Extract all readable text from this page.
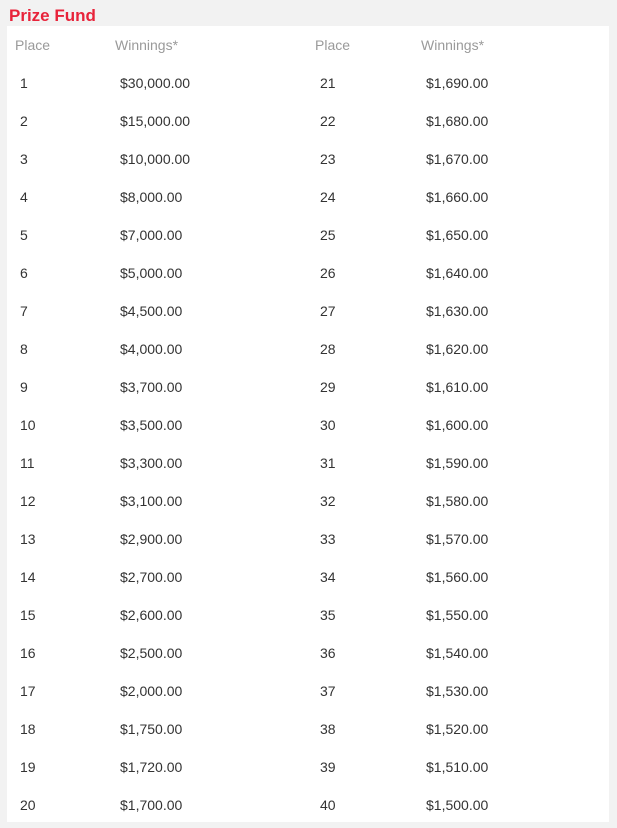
Prize Fund
Place	Winnings*
1	$30,000.00
2	$15,000.00
3	$10,000.00
4	$8,000.00
5	$7,000.00
6	$5,000.00
7	$4,500.00
8	$4,000.00
9	$3,700.00
10	$3,500.00
11	$3,300.00
12	$3,100.00
13	$2,900.00
14	$2,700.00
15	$2,600.00
16	$2,500.00
17	$2,000.00
18	$1,750.00
19	$1,720.00
20	$1,700.00
Place	Winnings*
21	$1,690.00
22	$1,680.00
23	$1,670.00
24	$1,660.00
25	$1,650.00
26	$1,640.00
27	$1,630.00
28	$1,620.00
29	$1,610.00
30	$1,600.00
31	$1,590.00
32	$1,580.00
33	$1,570.00
34	$1,560.00
35	$1,550.00
36	$1,540.00
37	$1,530.00
38	$1,520.00
39	$1,510.00
40	$1,500.00
